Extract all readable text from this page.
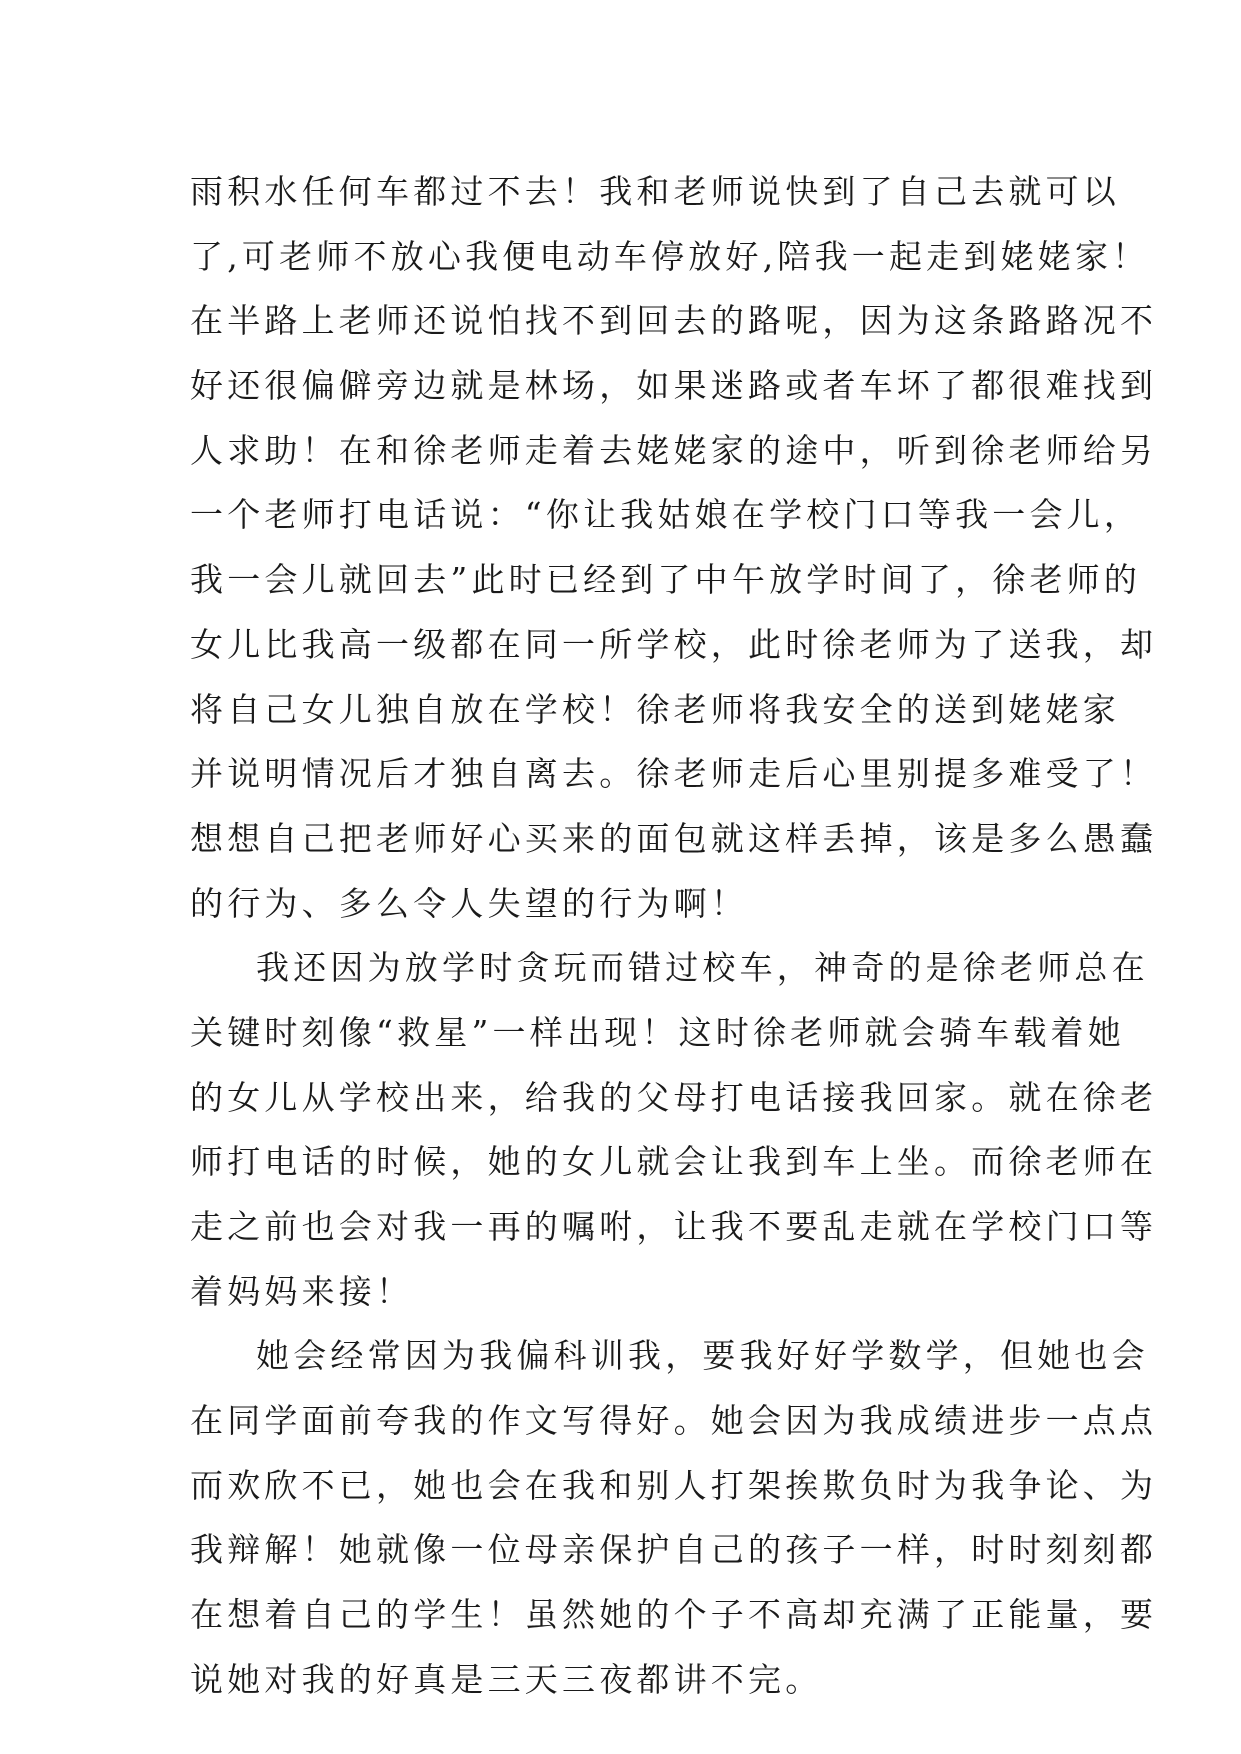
雨积水任何车都过不去！我和老师说快到了自己去就可以
了,可老师不放心我便电动车停放好,陪我一起走到姥姥家！
在半路上老师还说怕找不到回去的路呢，因为这条路路况不
好还很偏僻旁边就是林场，如果迷路或者车坏了都很难找到
人求助！在和徐老师走着去姥姥家的途中，听到徐老师给另
一个老师打电话说：“你让我姑娘在学校门口等我一会儿，
我一会儿就回去”此时已经到了中午放学时间了，徐老师的
女儿比我高一级都在同一所学校，此时徐老师为了送我，却
将自己女儿独自放在学校！徐老师将我安全的送到姥姥家
并说明情况后才独自离去。徐老师走后心里别提多难受了！
想想自己把老师好心买来的面包就这样丢掉，该是多么愚蠢
的行为、多么令人失望的行为啊！
我还因为放学时贪玩而错过校车，神奇的是徐老师总在
关键时刻像“救星”一样出现！这时徐老师就会骑车载着她
的女儿从学校出来，给我的父母打电话接我回家。就在徐老
师打电话的时候，她的女儿就会让我到车上坐。而徐老师在
走之前也会对我一再的嘱咐，让我不要乱走就在学校门口等
着妈妈来接！
她会经常因为我偏科训我，要我好好学数学，但她也会
在同学面前夸我的作文写得好。她会因为我成绩进步一点点
而欢欣不已，她也会在我和别人打架挨欺负时为我争论、为
我辩解！她就像一位母亲保护自己的孩子一样，时时刻刻都
在想着自己的学生！虽然她的个子不高却充满了正能量，要
说她对我的好真是三天三夜都讲不完。
